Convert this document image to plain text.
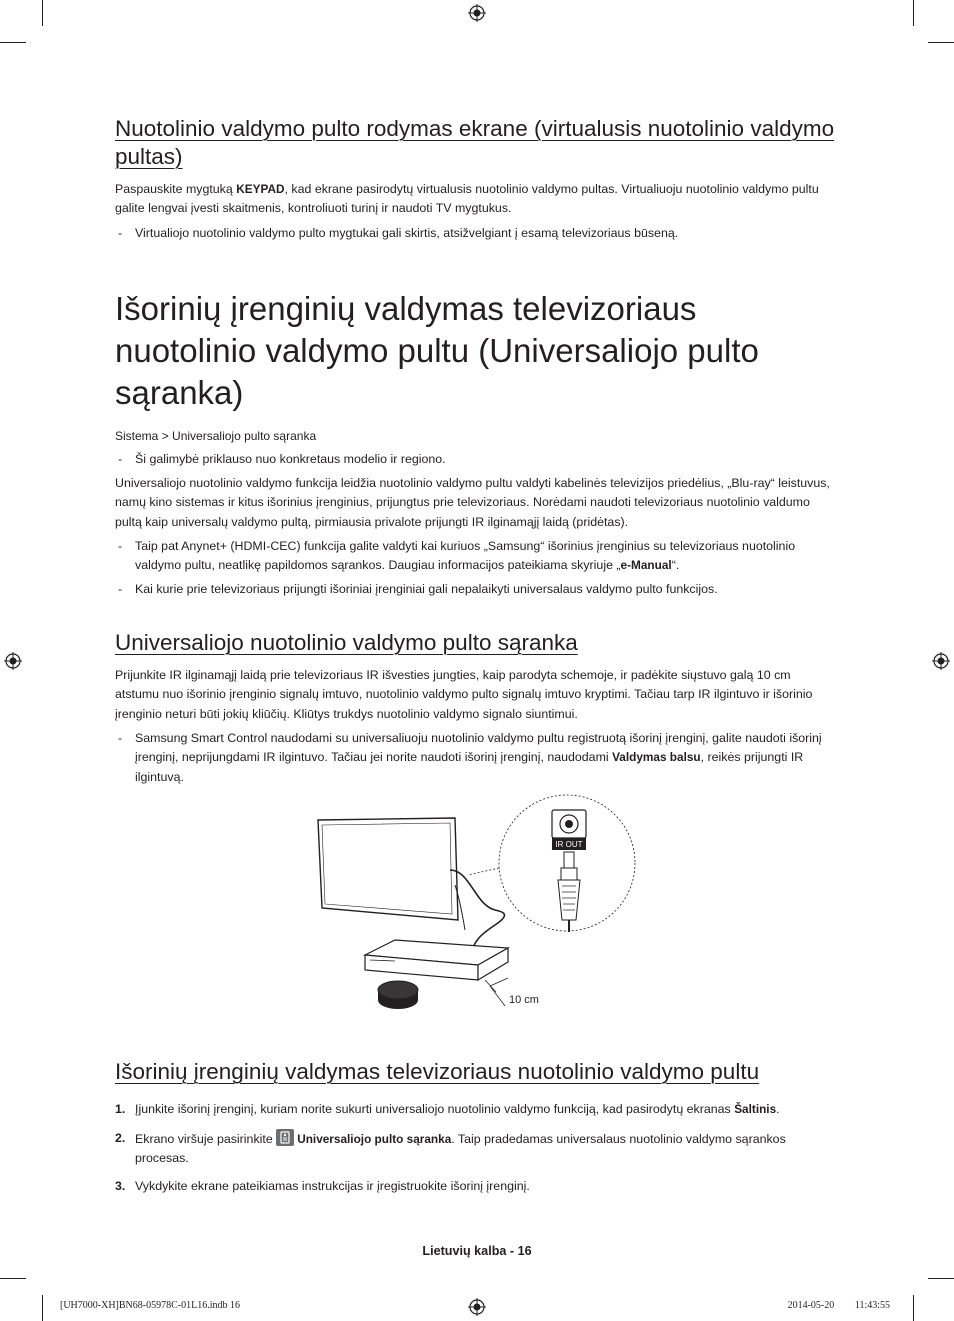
Nuotolinio valdymo pulto rodymas ekrane (virtualusis nuotolinio valdymo pultas)

Paspauskite mygtuką KEYPAD, kad ekrane pasirodytų virtualusis nuotolinio valdymo pultas. Virtualiuoju nuotolinio valdymo pultu galite lengvai įvesti skaitmenis, kontroliuoti turinį ir naudoti TV mygtukus.

- Virtualiojo nuotolinio valdymo pulto mygtukai gali skirtis, atsižvelgiant į esamą televizoriaus būseną.
Išorinių įrenginių valdymas televizoriaus nuotolinio valdymo pultu (Universaliojo pulto sąranka)
Sistema > Universaliojo pulto sąranka
- Ši galimybė priklauso nuo konkretaus modelio ir regiono.

Universaliojo nuotolinio valdymo funkcija leidžia nuotolinio valdymo pultu valdyti kabelinės televizijos priedėlius, „Blu-ray“ leistuvus, namų kino sistemas ir kitus išorinius įrenginius, prijungtus prie televizoriaus. Norėdami naudoti televizoriaus nuotolinio valdumo pultą kaip universalų valdymo pultą, pirmiausia privalote prijungti IR ilginamąjį laidą (pridėtas).

- Taip pat Anynet+ (HDMI-CEC) funkcija galite valdyti kai kuriuos „Samsung“ išorinius įrenginius su televizoriaus nuotolinio valdymo pultu, neatlikę papildomos sąrankos. Daugiau informacijos pateikiama skyriuje „e-Manual“.
- Kai kurie prie televizoriaus prijungti išoriniai įrenginiai gali nepalaikyti universalaus valdymo pulto funkcijos.
Universaliojo nuotolinio valdymo pulto sąranka

Prijunkite IR ilginamąjį laidą prie televizoriaus IR išvesties jungties, kaip parodyta schemoje, ir padėkite siųstuvo galą 10 cm atstumu nuo išorinio įrenginio signalų imtuvo, nuotolinio valdymo pulto signalų imtuvo kryptimi. Tačiau tarp IR ilgintuvo ir išorinio įrenginio neturi būti jokių kliūčių. Kliūtys trukdys nuotolinio valdymo signalo siuntimui.

- Samsung Smart Control naudodami su universaliuoju nuotolinio valdymo pultu registruotą išorinį įrenginį, galite naudoti išorinį įrenginį, neprijungdami IR ilgintuvo. Tačiau jei norite naudoti išorinį įrenginį, naudodami Valdymas balsu, reikės prijungti IR ilgintuvą.
IR OUT
10 cm
Išorinių įrenginių valdymas televizoriaus nuotolinio valdymo pultu
1. Įjunkite išorinį įrenginį, kuriam norite sukurti universaliojo nuotolinio valdymo funkciją, kad pasirodytų ekranas Šaltinis.
2. Ekrano viršuje pasirinkite
Universaliojo pulto sąranka. Taip pradedamas universalaus nuotolinio valdymo sąrankos procesas.
3. Vykdykite ekrane pateikiamas instrukcijas ir įregistruokite išorinį įrenginį.
Lietuvių kalba - 16
[UH7000-XH]BN68-05978C-01L16.indb 16	2014-05-20 ￿￿ 11:43:55
